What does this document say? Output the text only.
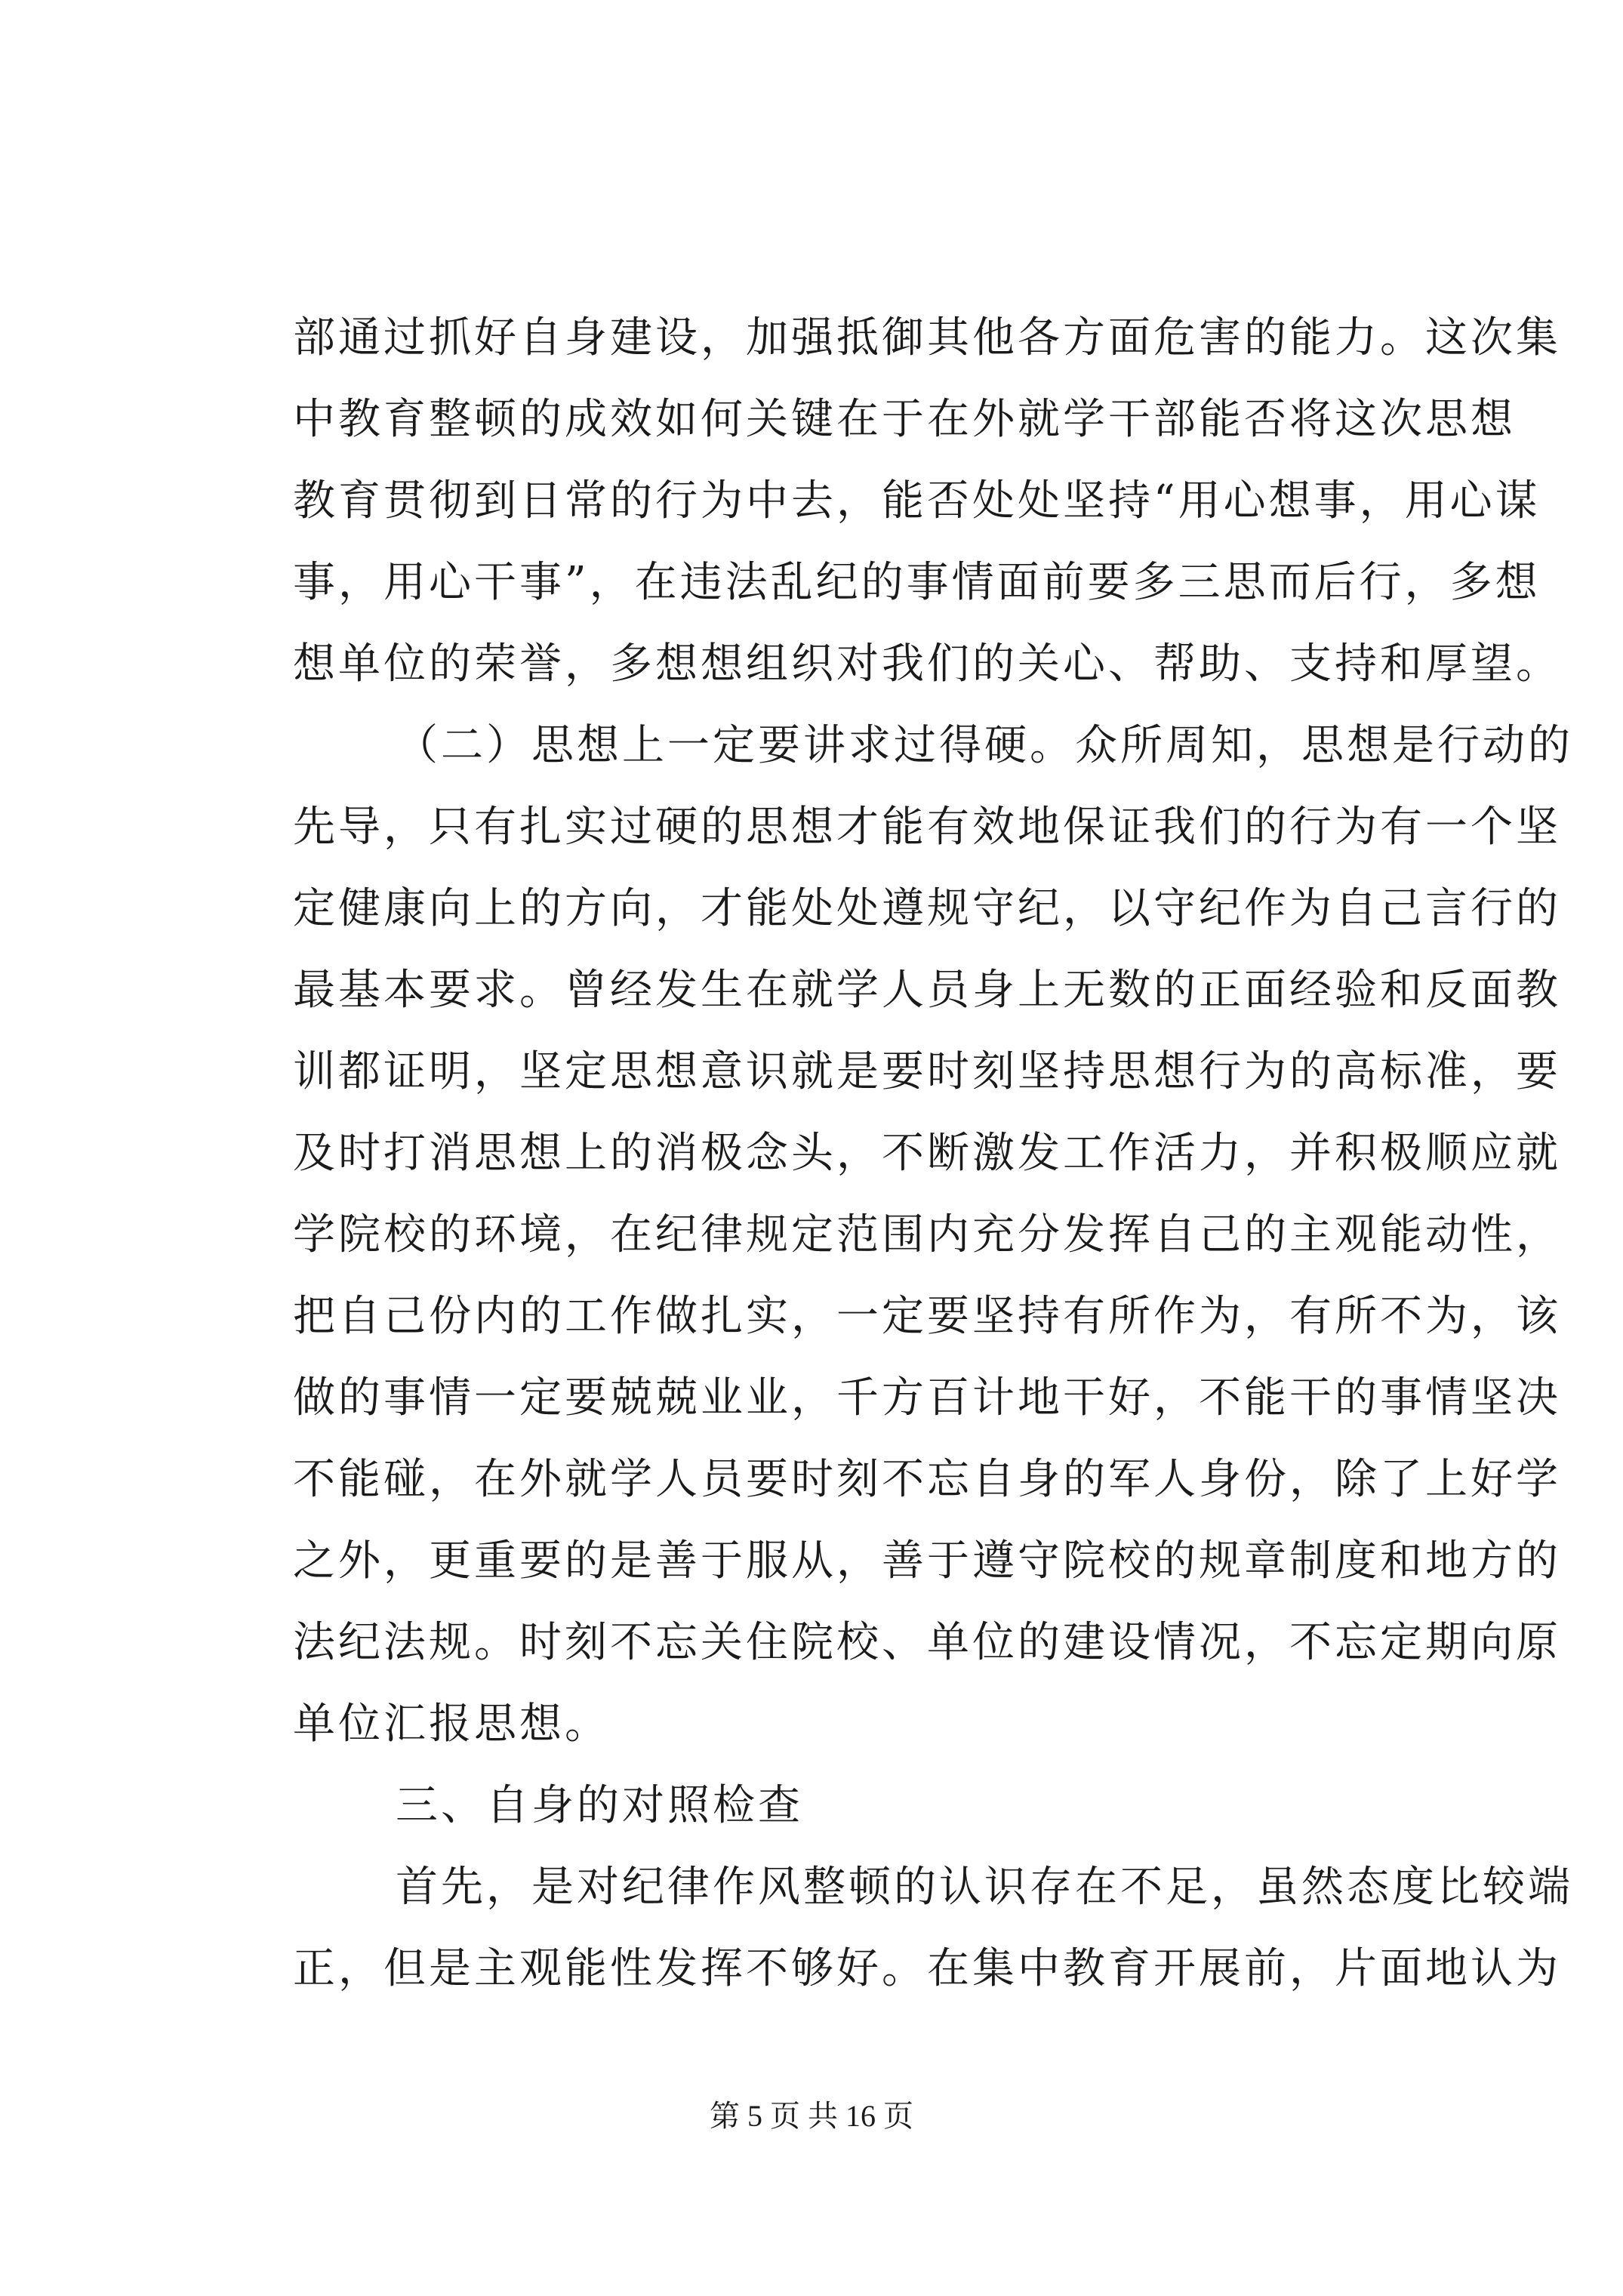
部通过抓好自身建设，加强抵御其他各方面危害的能力。这次集
中教育整顿的成效如何关键在于在外就学干部能否将这次思想
教育贯彻到日常的行为中去，能否处处坚持“用心想事，用心谋
事，用心干事”，在违法乱纪的事情面前要多三思而后行，多想
想单位的荣誉，多想想组织对我们的关心、帮助、支持和厚望。
（二）思想上一定要讲求过得硬。众所周知，思想是行动的
先导，只有扎实过硬的思想才能有效地保证我们的行为有一个坚
定健康向上的方向，才能处处遵规守纪，以守纪作为自己言行的
最基本要求。曾经发生在就学人员身上无数的正面经验和反面教
训都证明，坚定思想意识就是要时刻坚持思想行为的高标准，要
及时打消思想上的消极念头，不断激发工作活力，并积极顺应就
学院校的环境，在纪律规定范围内充分发挥自己的主观能动性，
把自己份内的工作做扎实，一定要坚持有所作为，有所不为，该
做的事情一定要兢兢业业，千方百计地干好，不能干的事情坚决
不能碰，在外就学人员要时刻不忘自身的军人身份，除了上好学
之外，更重要的是善于服从，善于遵守院校的规章制度和地方的
法纪法规。时刻不忘关住院校、单位的建设情况，不忘定期向原
单位汇报思想。
三、自身的对照检查
首先，是对纪律作风整顿的认识存在不足，虽然态度比较端
正，但是主观能性发挥不够好。在集中教育开展前，片面地认为
第 5 页 共 16 页
